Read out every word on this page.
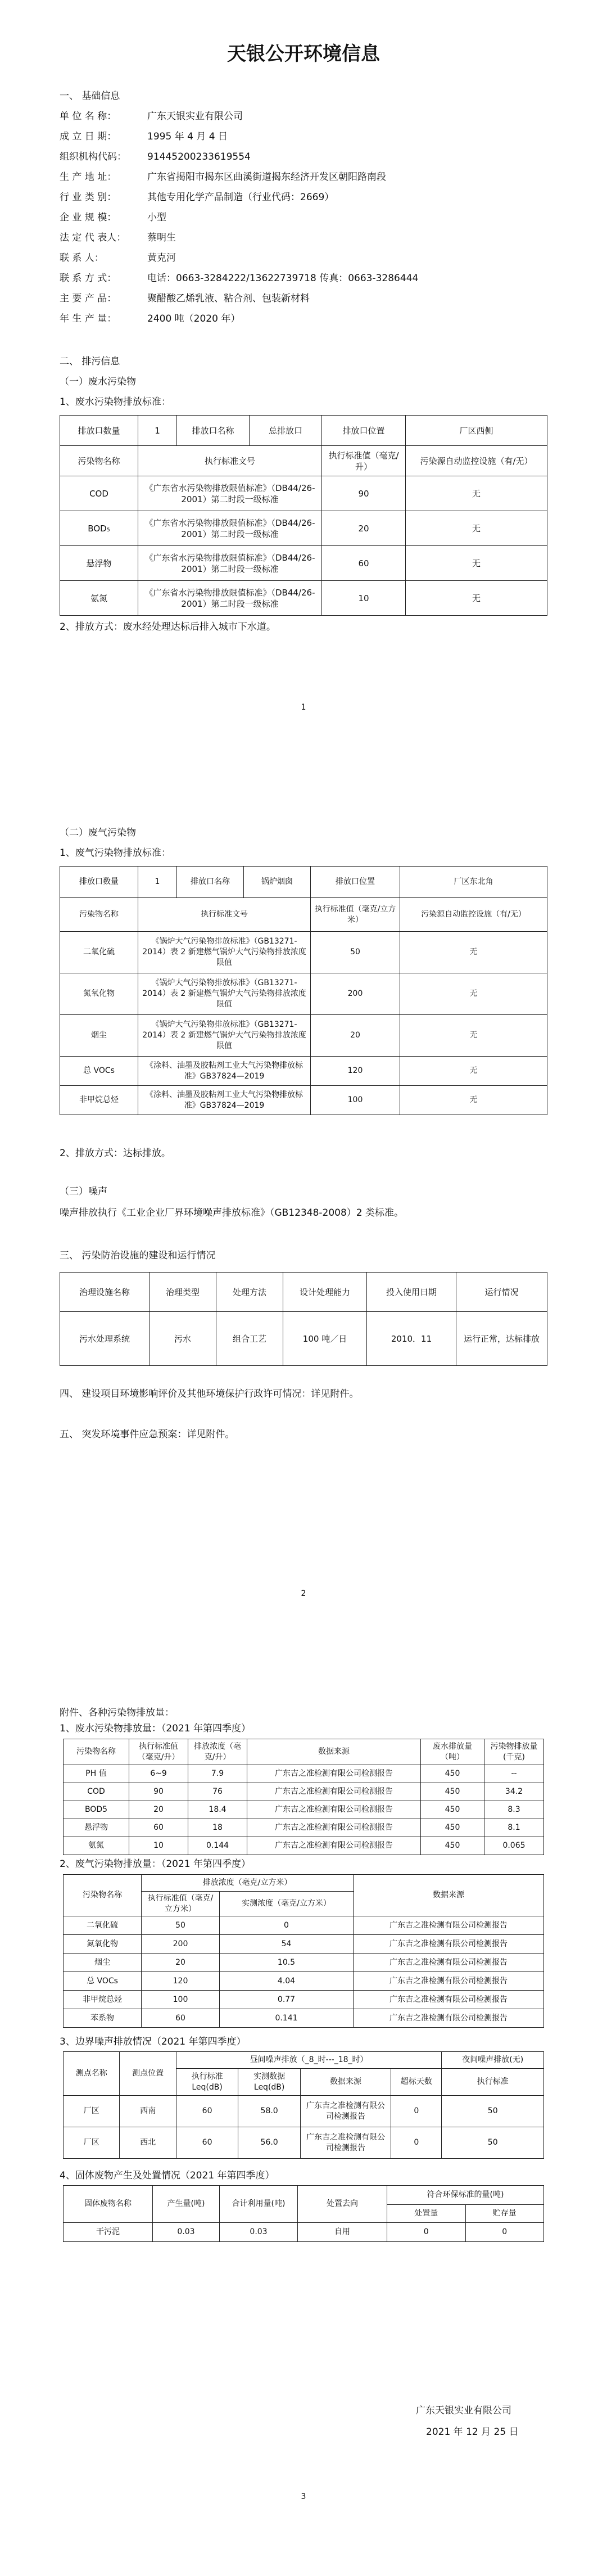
天银公开环境信息
一、 基础信息
单 位 名 称：	广东天银实业有限公司
成 立 日 期：	1995 年 4 月 4 日
组织机构代码： 91445200233619554
生 产 地 址：	广东省揭阳市揭东区曲溪街道揭东经济开发区朝阳路南段
行 业 类 别：	其他专用化学产品制造（行业代码：2669）
企 业 规 模：	小型
法 定 代 表人： 蔡明生
联 系 人：	黄克河
联 系 方 式：	电话：0663-3284222/13622739718 传真：0663-3286444
主 要 产 品：	聚醋酸乙烯乳液、粘合剂、包装新材料
年 生 产 量：	2400 吨（2020 年）
二、 排污信息
（一）废水污染物
1、废水污染物排放标准：
排放口数量	1	排放口名称	总排放口	排放口位置	厂区西侧
污染物名称	执行标准文号			执行标准值（毫克/升）	污染源自动监控设施（有/无）
COD	《广东省水污染物排放限值标准》（DB44/26-2001）第二时段一级标准			90	无
BOD₅	《广东省水污染物排放限值标准》（DB44/26-2001）第二时段一级标准			20	无
悬浮物	《广东省水污染物排放限值标准》（DB44/26-2001）第二时段一级标准			60	无
氨氮	《广东省水污染物排放限值标准》（DB44/26-2001）第二时段一级标准			10	无
2、排放方式：废水经处理达标后排入城市下水道。
1
（二）废气污染物
1、废气污染物排放标准：
排放口数量	1	排放口名称	锅炉烟囱	排放口位置	厂区东北角
污染物名称	执行标准文号			执行标准值（毫克/立方米）	污染源自动监控设施（有/无）
二氧化硫	《锅炉大气污染物排放标准》（GB13271-2014）表 2 新建燃气锅炉大气污染物排放浓度限值			50	无
氮氧化物	《锅炉大气污染物排放标准》（GB13271-2014）表 2 新建燃气锅炉大气污染物排放浓度限值			200	无
烟尘	《锅炉大气污染物排放标准》（GB13271-2014）表 2 新建燃气锅炉大气污染物排放浓度限值			20	无
总 VOCs	《涂料、油墨及胶粘剂工业大气污染物排放标准》GB37824—2019			120	无
非甲烷总烃	《涂料、油墨及胶粘剂工业大气污染物排放标准》GB37824—2019			100	无
2、排放方式：达标排放。
（三）噪声
噪声排放执行《工业企业厂界环境噪声排放标准》（GB12348-2008）2 类标准。
三、 污染防治设施的建设和运行情况
治理设施名称	治理类型	处理方法	设计处理能力	投入使用日期	运行情况
污水处理系统	污水	组合工艺	100 吨／日	2010．11	运行正常，达标排放
四、 建设项目环境影响评价及其他环境保护行政许可情况：详见附件。
五、 突发环境事件应急预案：详见附件。
2
附件、各种污染物排放量：
1、废水污染物排放量：（2021 年第四季度）
污染物名称	执行标准值（毫克/升）	排放浓度（毫克/升）	数据来源	废水排放量（吨）	污染物排放量(千克)
PH 值	6~9	7.9	广东吉之准检测有限公司检测报告	450	--
COD	90	76	广东吉之准检测有限公司检测报告	450	34.2
BOD5	20	18.4	广东吉之准检测有限公司检测报告	450	8.3
悬浮物	60	18	广东吉之准检测有限公司检测报告	450	8.1
氨氮	10	0.144	广东吉之准检测有限公司检测报告	450	0.065
2、废气污染物排放量：（2021 年第四季度）
污染物名称	排放浓度（毫克/立方米）		数据来源
	执行标准值（毫克/立方米）	实测浓度（毫克/立方米）	
二氧化硫	50	0	广东吉之准检测有限公司检测报告
氮氧化物	200	54	广东吉之准检测有限公司检测报告
烟尘	20	10.5	广东吉之准检测有限公司检测报告
总 VOCs	120	4.04	广东吉之准检测有限公司检测报告
非甲烷总烃	100	0.77	广东吉之准检测有限公司检测报告
苯系物	60	0.141	广东吉之准检测有限公司检测报告
3、边界噪声排放情况（2021 年第四季度）
测点名称	测点位置	昼间噪声排放（_8_时---_18_时）				夜间噪声排放(无)
		执行标准Leq(dB)	实测数据Leq(dB)	数据来源	超标天数	执行标准
厂区	西南	60	58.0	广东吉之准检测有限公司检测报告	0	50
厂区	西北	60	56.0	广东吉之准检测有限公司检测报告	0	50
4、固体废物产生及处置情况（2021 年第四季度）
固体废物名称	产生量(吨)	合计利用量(吨)	处置去向	符合环保标准的量(吨)	
				处置量	贮存量
干污泥	0.03	0.03	自用	0	0
广东天银实业有限公司
2021 年 12 月 25 日
3
